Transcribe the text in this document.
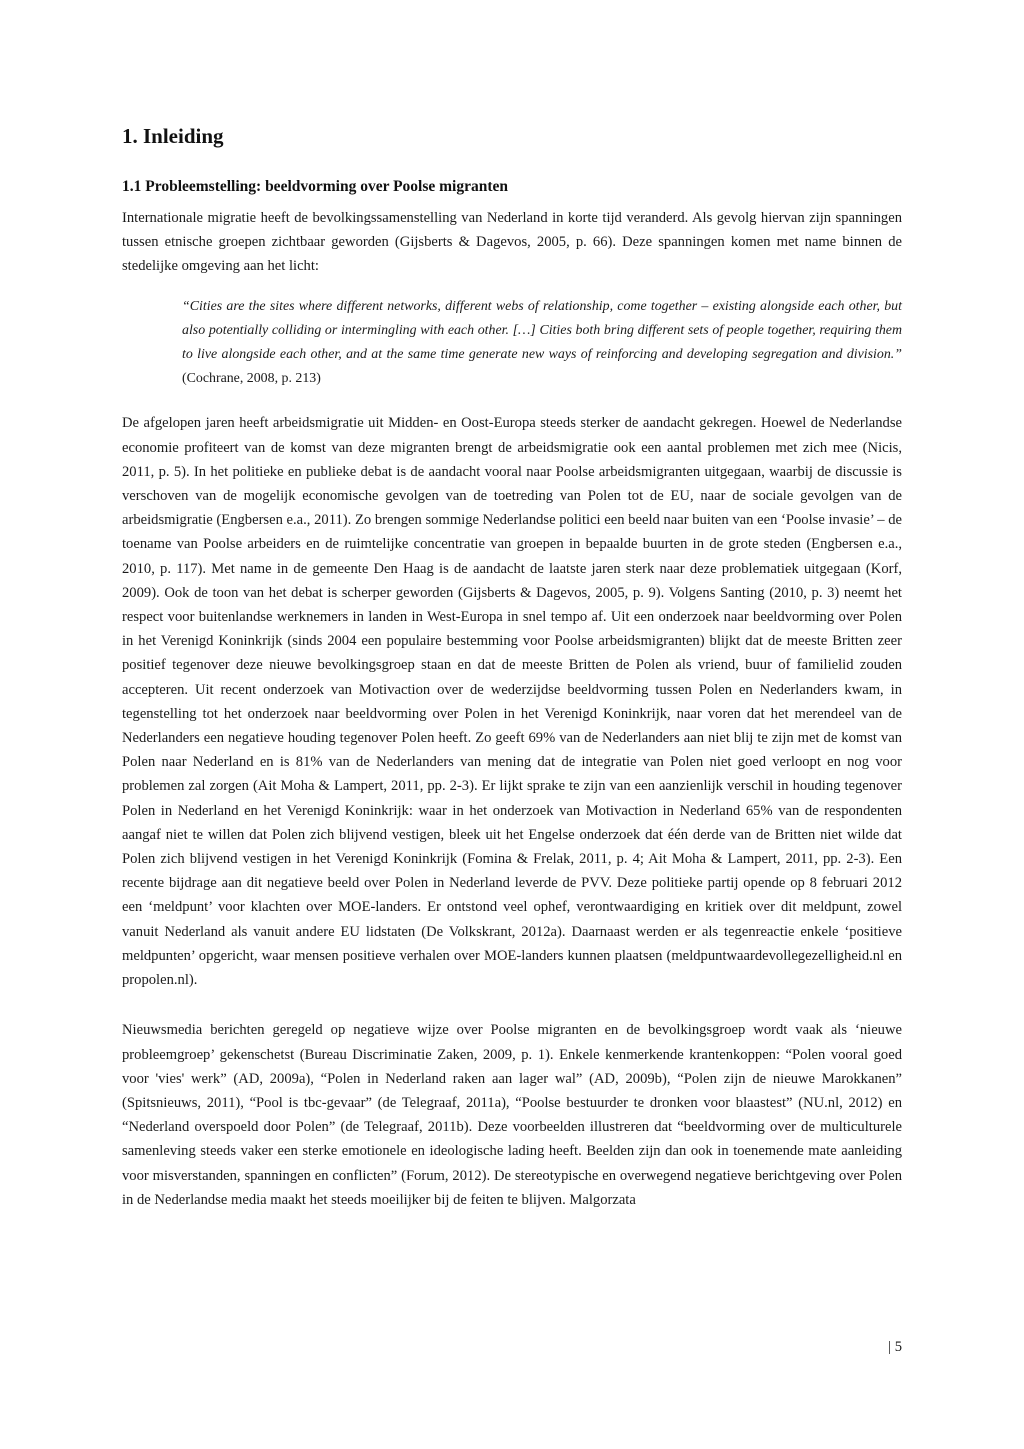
1. Inleiding
1.1 Probleemstelling: beeldvorming over Poolse migranten

Internationale migratie heeft de bevolkingssamenstelling van Nederland in korte tijd veranderd. Als gevolg hiervan zijn spanningen tussen etnische groepen zichtbaar geworden (Gijsberts & Dagevos, 2005, p. 66). Deze spanningen komen met name binnen de stedelijke omgeving aan het licht:

“Cities are the sites where different networks, different webs of relationship, come together – existing alongside each other, but also potentially colliding or intermingling with each other. […] Cities both bring different sets of people together, requiring them to live alongside each other, and at the same time generate new ways of reinforcing and developing segregation and division.” (Cochrane, 2008, p. 213)

De afgelopen jaren heeft arbeidsmigratie uit Midden- en Oost-Europa steeds sterker de aandacht gekregen. Hoewel de Nederlandse economie profiteert van de komst van deze migranten brengt de arbeidsmigratie ook een aantal problemen met zich mee (Nicis, 2011, p. 5). In het politieke en publieke debat is de aandacht vooral naar Poolse arbeidsmigranten uitgegaan, waarbij de discussie is verschoven van de mogelijk economische gevolgen van de toetreding van Polen tot de EU, naar de sociale gevolgen van de arbeidsmigratie (Engbersen e.a., 2011). Zo brengen sommige Nederlandse politici een beeld naar buiten van een ‘Poolse invasie’ – de toename van Poolse arbeiders en de ruimtelijke concentratie van groepen in bepaalde buurten in de grote steden (Engbersen e.a., 2010, p. 117). Met name in de gemeente Den Haag is de aandacht de laatste jaren sterk naar deze problematiek uitgegaan (Korf, 2009). Ook de toon van het debat is scherper geworden (Gijsberts & Dagevos, 2005, p. 9). Volgens Santing (2010, p. 3) neemt het respect voor buitenlandse werknemers in landen in West-Europa in snel tempo af. Uit een onderzoek naar beeldvorming over Polen in het Verenigd Koninkrijk (sinds 2004 een populaire bestemming voor Poolse arbeidsmigranten) blijkt dat de meeste Britten zeer positief tegenover deze nieuwe bevolkingsgroep staan en dat de meeste Britten de Polen als vriend, buur of familielid zouden accepteren. Uit recent onderzoek van Motivaction over de wederzijdse beeldvorming tussen Polen en Nederlanders kwam, in tegenstelling tot het onderzoek naar beeldvorming over Polen in het Verenigd Koninkrijk, naar voren dat het merendeel van de Nederlanders een negatieve houding tegenover Polen heeft. Zo geeft 69% van de Nederlanders aan niet blij te zijn met de komst van Polen naar Nederland en is 81% van de Nederlanders van mening dat de integratie van Polen niet goed verloopt en nog voor problemen zal zorgen (Ait Moha & Lampert, 2011, pp. 2-3). Er lijkt sprake te zijn van een aanzienlijk verschil in houding tegenover Polen in Nederland en het Verenigd Koninkrijk: waar in het onderzoek van Motivaction in Nederland 65% van de respondenten aangaf niet te willen dat Polen zich blijvend vestigen, bleek uit het Engelse onderzoek dat één derde van de Britten niet wilde dat Polen zich blijvend vestigen in het Verenigd Koninkrijk (Fomina & Frelak, 2011, p. 4; Ait Moha & Lampert, 2011, pp. 2-3). Een recente bijdrage aan dit negatieve beeld over Polen in Nederland leverde de PVV. Deze politieke partij opende op 8 februari 2012 een ‘meldpunt’ voor klachten over MOE-landers. Er ontstond veel ophef, verontwaardiging en kritiek over dit meldpunt, zowel vanuit Nederland als vanuit andere EU lidstaten (De Volkskrant, 2012a). Daarnaast werden er als tegenreactie enkele ‘positieve meldpunten’ opgericht, waar mensen positieve verhalen over MOE-landers kunnen plaatsen (meldpuntwaardevollegezelligheid.nl en propolen.nl).

Nieuwsmedia berichten geregeld op negatieve wijze over Poolse migranten en de bevolkingsgroep wordt vaak als ‘nieuwe probleemgroep’ gekenschetst (Bureau Discriminatie Zaken, 2009, p. 1). Enkele kenmerkende krantenkoppen: “Polen vooral goed voor 'vies' werk” (AD, 2009a), “Polen in Nederland raken aan lager wal” (AD, 2009b), “Polen zijn de nieuwe Marokkanen” (Spitsnieuws, 2011), “Pool is tbc-gevaar” (de Telegraaf, 2011a), “Poolse bestuurder te dronken voor blaastest” (NU.nl, 2012) en “Nederland overspoeld door Polen” (de Telegraaf, 2011b). Deze voorbeelden illustreren dat “beeldvorming over de multiculturele samenleving steeds vaker een sterke emotionele en ideologische lading heeft. Beelden zijn dan ook in toenemende mate aanleiding voor misverstanden, spanningen en conflicten” (Forum, 2012). De stereotypische en overwegend negatieve berichtgeving over Polen in de Nederlandse media maakt het steeds moeilijker bij de feiten te blijven. Malgorzata

| 5
